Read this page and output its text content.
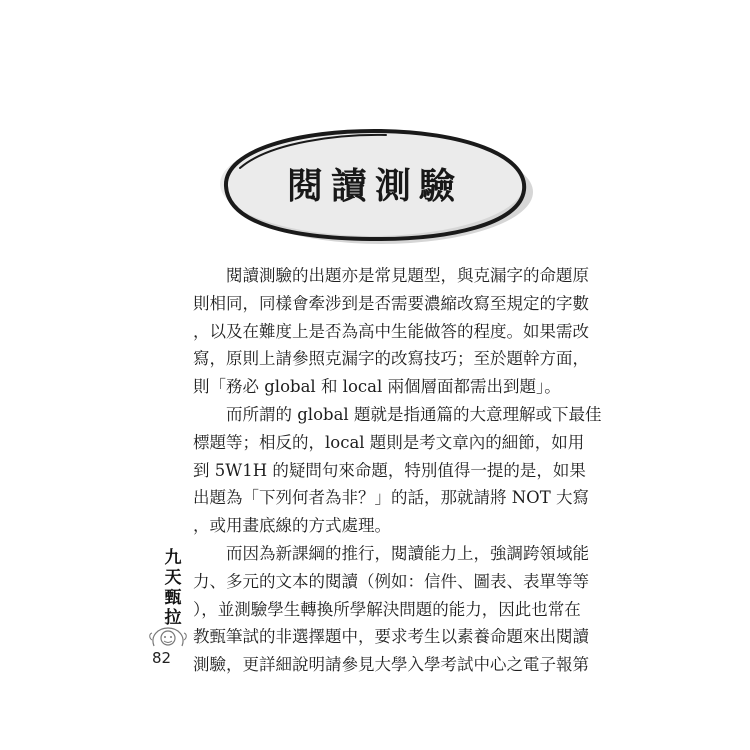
閱讀測驗
閱讀測驗的出題亦是常見題型，與克漏字的命題原
則相同，同樣會牽涉到是否需要濃縮改寫至規定的字數
，以及在難度上是否為高中生能做答的程度。如果需改
寫，原則上請參照克漏字的改寫技巧；至於題幹方面，
則「務必 global 和 local 兩個層面都需出到題」。
而所謂的 global 題就是指通篇的大意理解或下最佳
標題等；相反的，local 題則是考文章內的細節，如用
到 5W1H 的疑問句來命題，特別值得一提的是，如果
出題為「下列何者為非？」的話，那就請將 NOT 大寫
，或用畫底線的方式處理。
而因為新課綱的推行，閱讀能力上，強調跨領域能
力、多元的文本的閱讀（例如：信件、圖表、表單等等
），並測驗學生轉換所學解決問題的能力，因此也常在
教甄筆試的非選擇題中，要求考生以素養命題來出閱讀
測驗，更詳細說明請參見大學入學考試中心之電子報第
九
天
甄
拉
82
